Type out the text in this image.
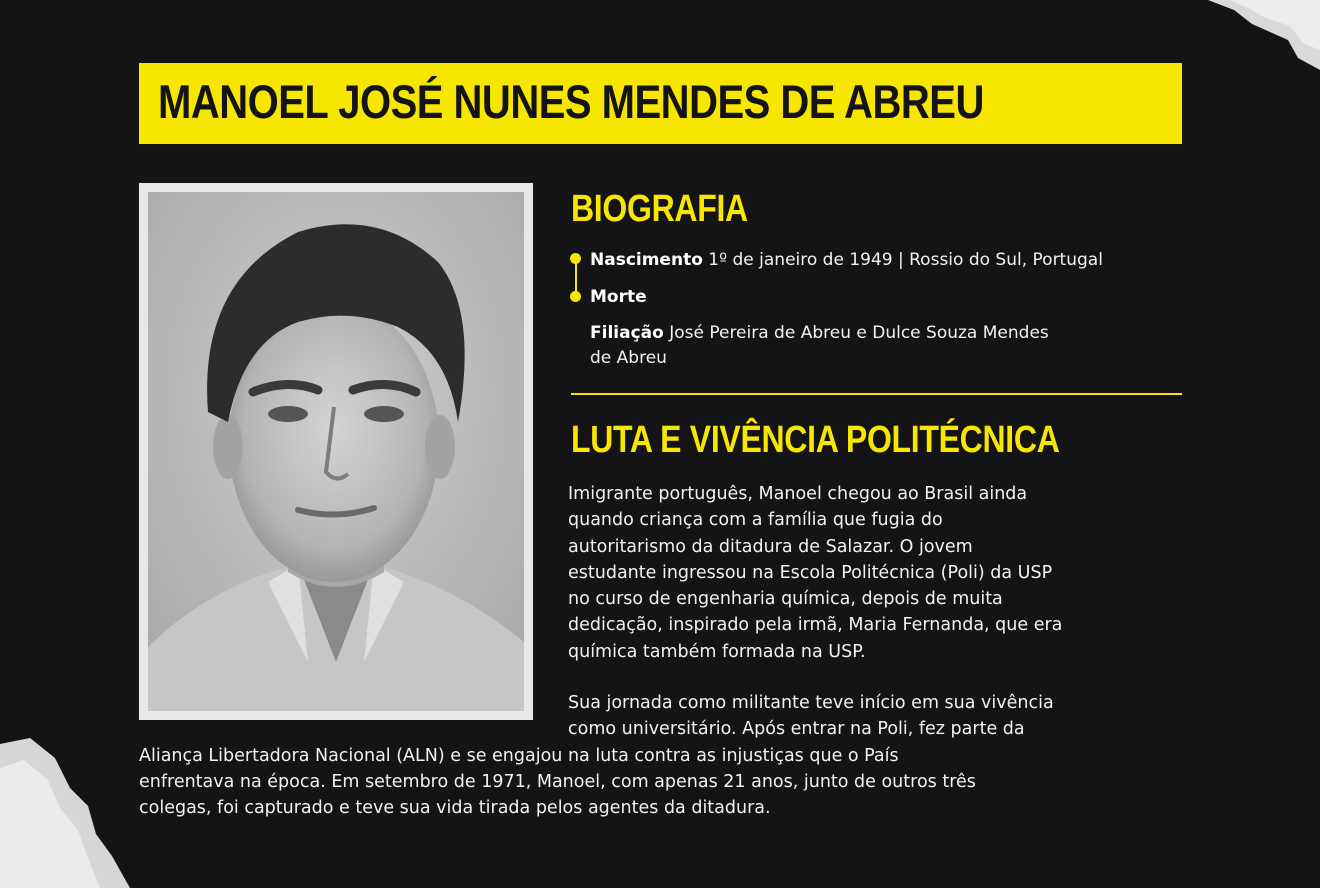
MANOEL JOSÉ NUNES MENDES DE ABREU
BIOGRAFIA
Nascimento 1º de janeiro de 1949 | Rossio do Sul, Portugal
Morte
Filiação José Pereira de Abreu e Dulce Souza Mendes
de Abreu
LUTA E VIVÊNCIA POLITÉCNICA

Imigrante português, Manoel chegou ao Brasil ainda
quando criança com a família que fugia do
autoritarismo da ditadura de Salazar. O jovem
estudante ingressou na Escola Politécnica (Poli) da USP
no curso de engenharia química, depois de muita
dedicação, inspirado pela irmã, Maria Fernanda, que era
química também formada na USP.

Sua jornada como militante teve início em sua vivência
como universitário. Após entrar na Poli, fez parte da
Aliança Libertadora Nacional (ALN) e se engajou na luta contra as injustiças que o País
enfrentava na época. Em setembro de 1971, Manoel, com apenas 21 anos, junto de outros três
colegas, foi capturado e teve sua vida tirada pelos agentes da ditadura.
